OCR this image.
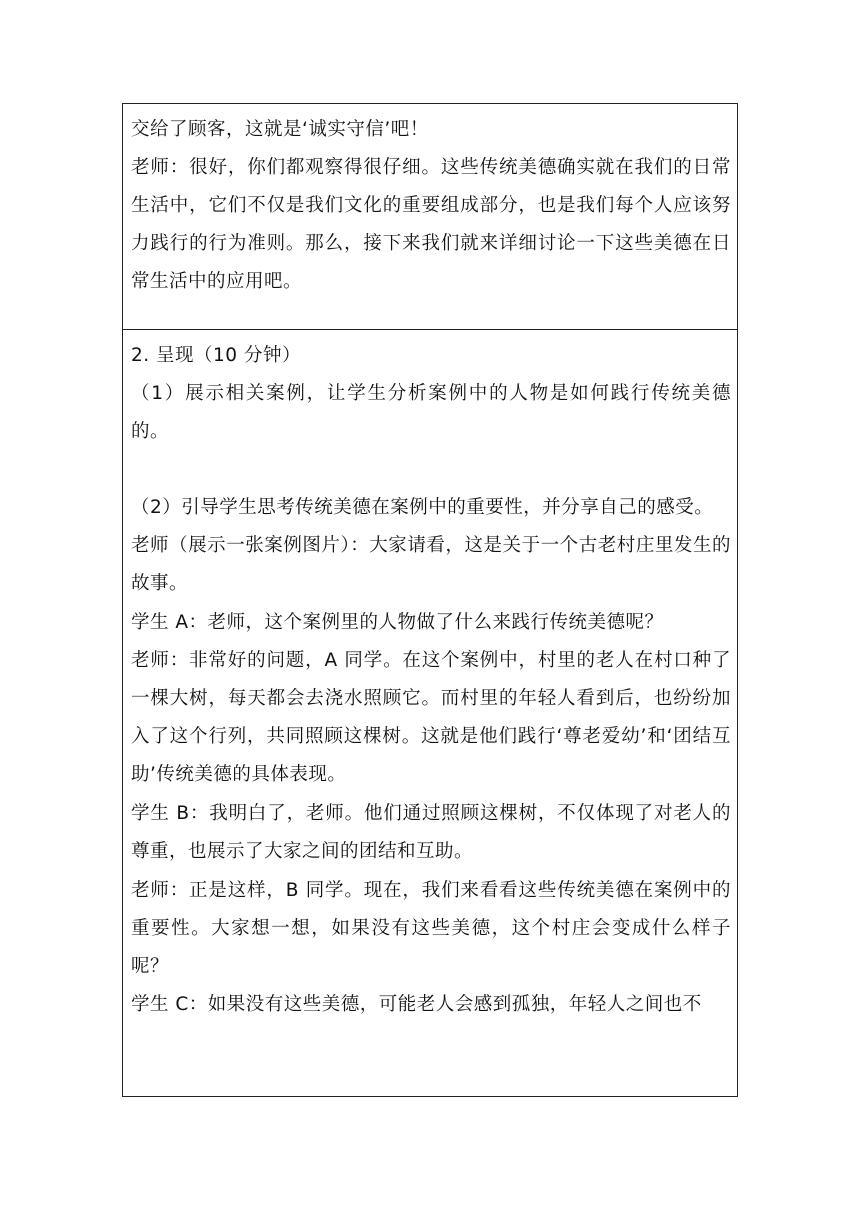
交给了顾客，这就是‘诚实守信’吧！
老师：很好，你们都观察得很仔细。这些传统美德确实就在我们的日常生活中，它们不仅是我们文化的重要组成部分，也是我们每个人应该努力践行的行为准则。那么，接下来我们就来详细讨论一下这些美德在日常生活中的应用吧。
2. 呈现（10 分钟）
（1）展示相关案例，让学生分析案例中的人物是如何践行传统美德的。
（2）引导学生思考传统美德在案例中的重要性，并分享自己的感受。
老师（展示一张案例图片）：大家请看，这是关于一个古老村庄里发生的故事。
学生 A：老师，这个案例里的人物做了什么来践行传统美德呢？
老师：非常好的问题，A 同学。在这个案例中，村里的老人在村口种了一棵大树，每天都会去浇水照顾它。而村里的年轻人看到后，也纷纷加入了这个行列，共同照顾这棵树。这就是他们践行‘尊老爱幼’和‘团结互助’传统美德的具体表现。
学生 B：我明白了，老师。他们通过照顾这棵树，不仅体现了对老人的尊重，也展示了大家之间的团结和互助。
老师：正是这样，B 同学。现在，我们来看看这些传统美德在案例中的重要性。大家想一想，如果没有这些美德，这个村庄会变成什么样子呢？
学生 C：如果没有这些美德，可能老人会感到孤独，年轻人之间也不
